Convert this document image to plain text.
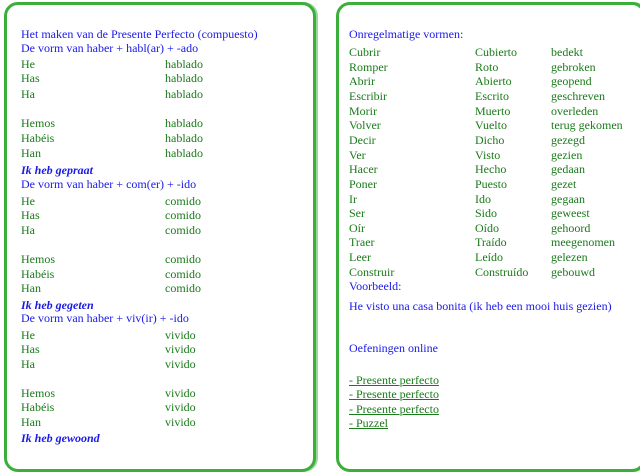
Het maken van de Presente Perfecto (compuesto)
De vorm van haber + habl(ar) + -ado
He	hablado
Has	hablado
Ha	hablado
Hemos	hablado
Habéis	hablado
Han	hablado
Ik heb gepraat
De vorm van haber + com(er) + -ido
He	comido
Has	comido
Ha	comido
Hemos	comido
Habéis	comido
Han	comido
Ik heb gegeten
De vorm van haber + viv(ir) + -ido
He	vivido
Has	vivido
Ha	vivido
Hemos	vivido
Habéis	vivido
Han	vivido
Ik heb gewoond
Onregelmatige vormen:
Cubrir	Cubierto	bedekt
Romper	Roto	gebroken
Abrir	Abierto	geopend
Escribir	Escrito	geschreven
Morir	Muerto	overleden
Volver	Vuelto	terug gekomen
Decir	Dicho	gezegd
Ver	Visto	gezien
Hacer	Hecho	gedaan
Poner	Puesto	gezet
Ir	Ido	gegaan
Ser	Sido	geweest
Oír	Oído	gehoord
Traer	Traído	meegenomen
Leer	Leído	gelezen
Construir	Construído gebouwd
Voorbeeld:
He visto una casa bonita (ik heb een mooi huis gezien)
Oefeningen online
- Presente perfecto
- Presente perfecto
- Presente perfecto
- Puzzel
